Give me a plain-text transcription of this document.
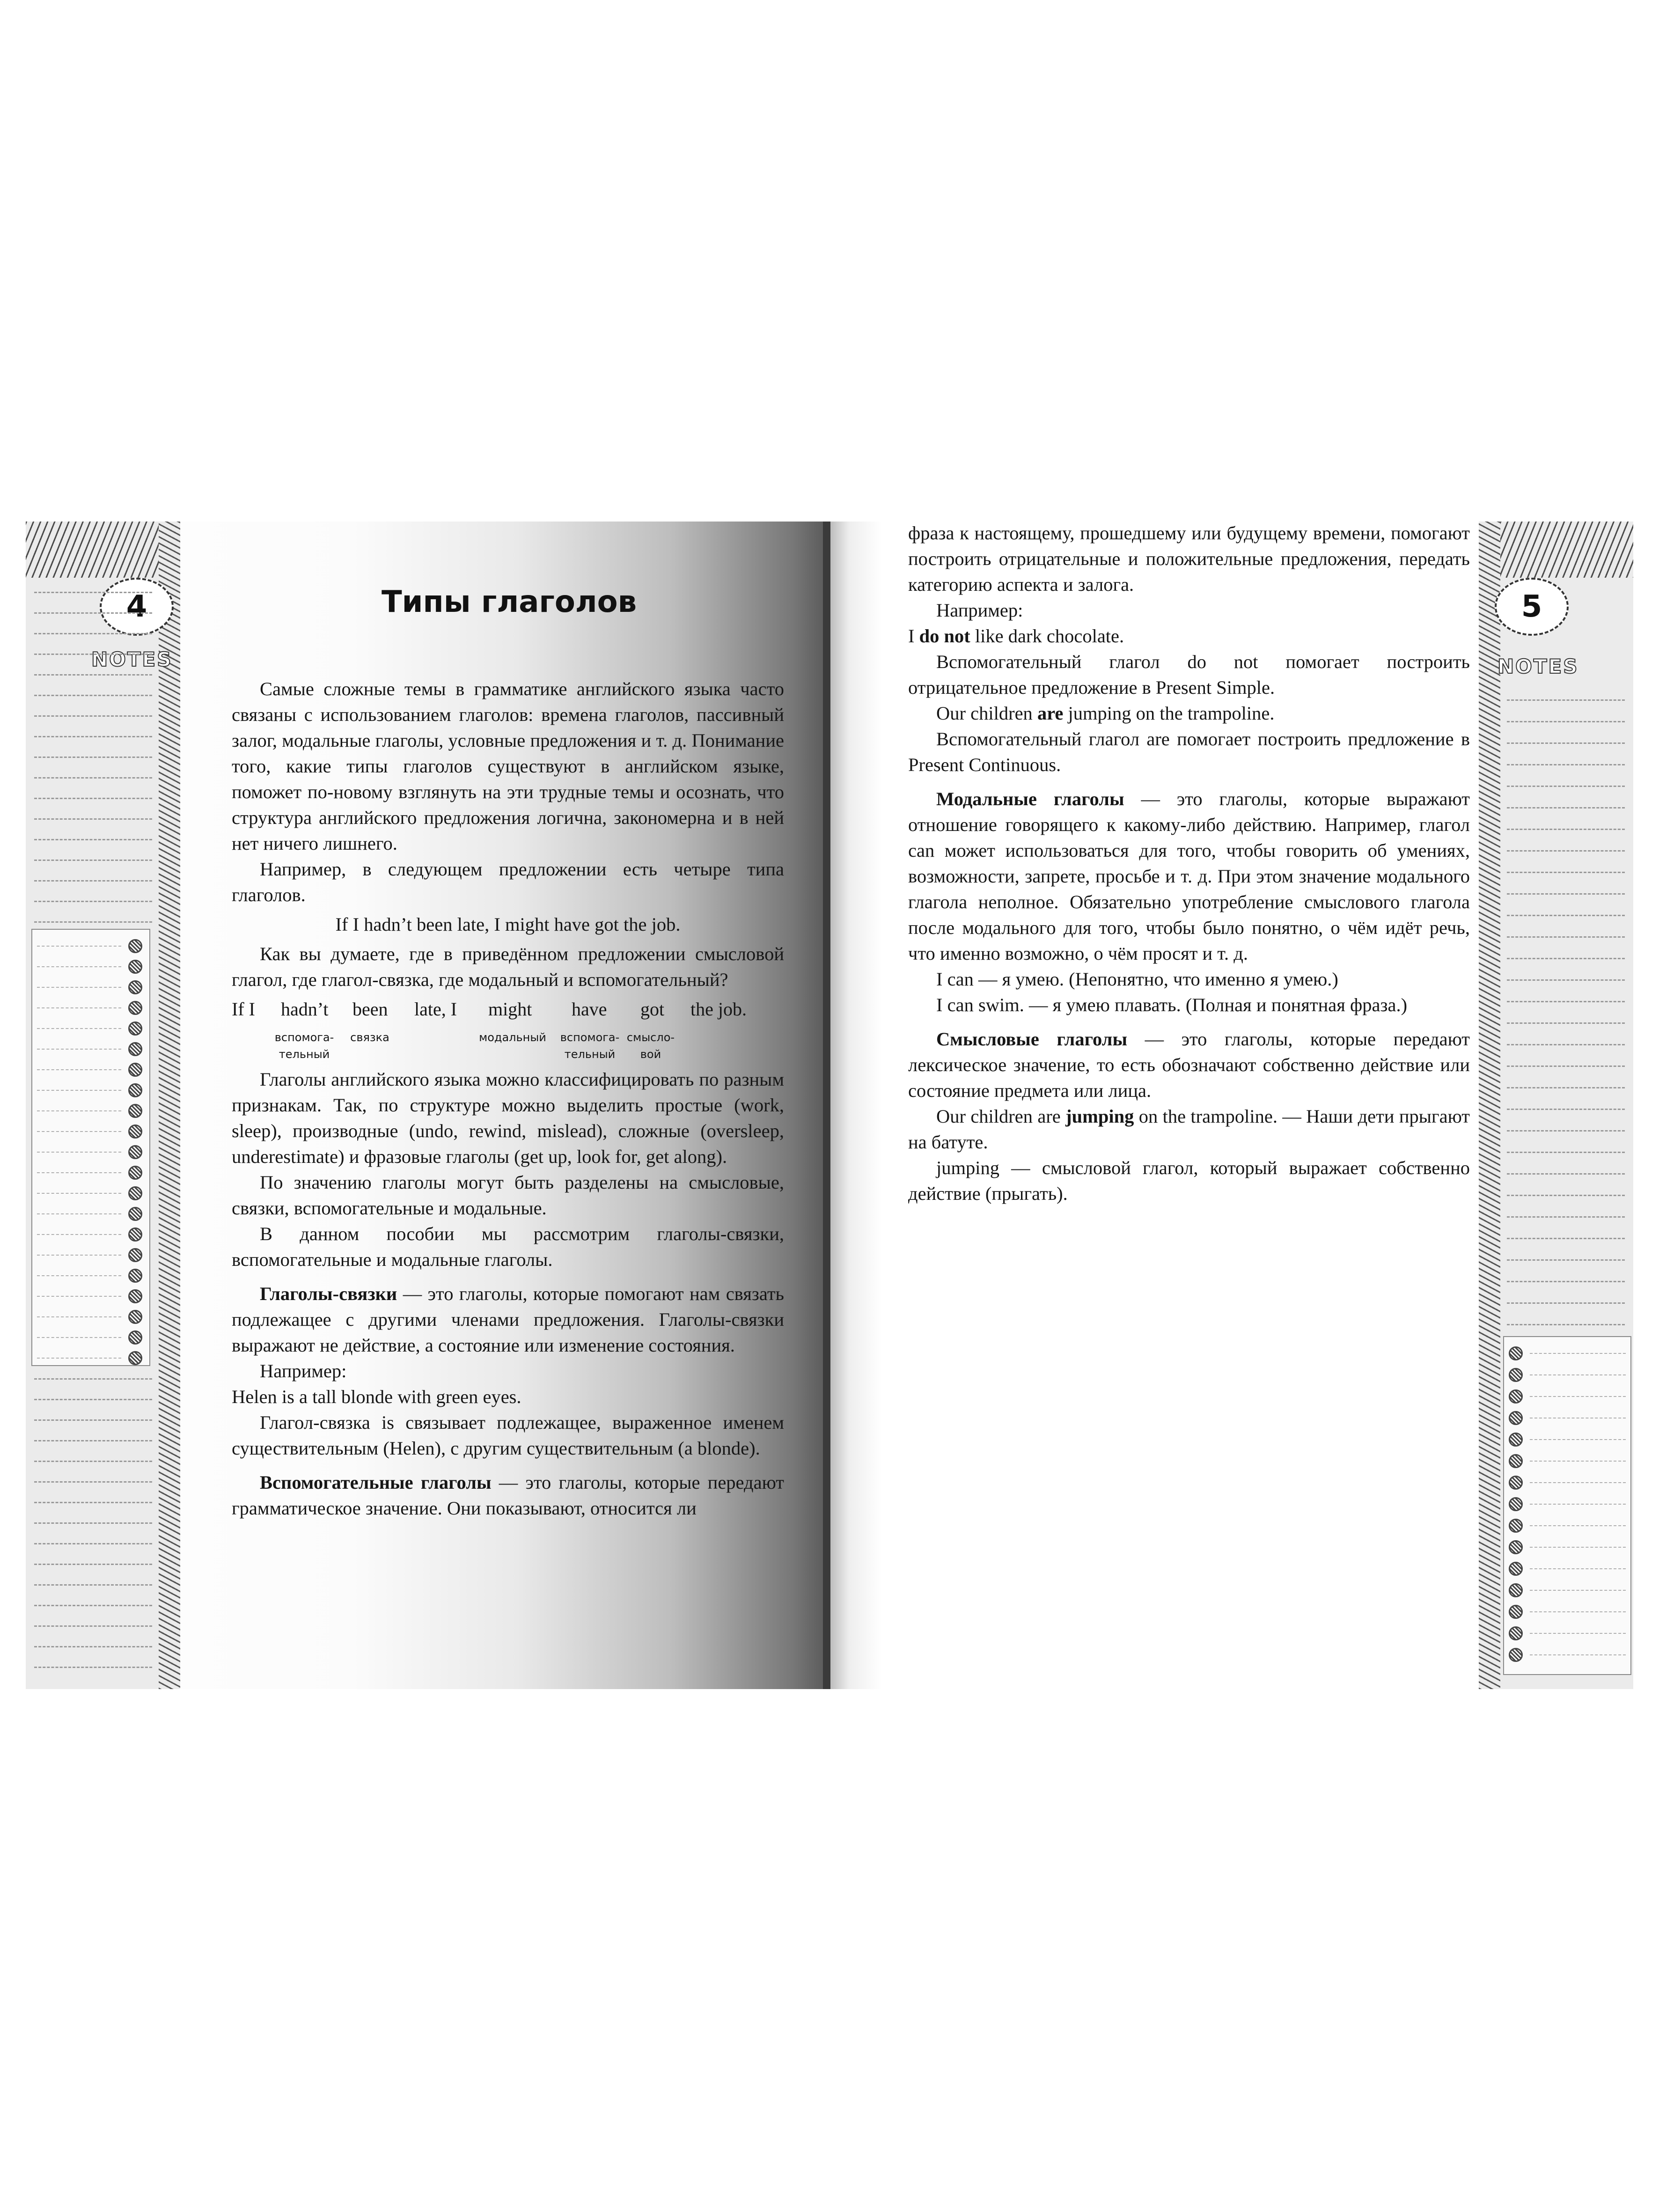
4
NOTES
Типы глаголов

Самые сложные темы в грамматике английского языка часто связаны с использованием глаголов: времена глаголов, пассивный залог, модальные глаголы, условные предложения и т. д. Понимание того, какие типы глаголов существуют в английском языке, поможет по-новому взглянуть на эти трудные темы и осознать, что структура английского предложения логична, закономерна и в ней нет ничего лишнего.

Например, в следующем предложении есть четыре типа глаголов.

If I hadn’t been late, I might have got the job.

Как вы думаете, где в приведённом предложении смысловой глагол, где глагол-связка, где модальный и вспомогательный?

If I hadn’t been late, I might have got the job.
вспомога-
тельный
связка	модальный	вспомога-
тельный
смысло-
вой

Глаголы английского языка можно классифицировать по разным признакам. Так, по структуре можно выделить простые (work, sleep), производные (undo, rewind, mislead), сложные (oversleep, underestimate) и фразовые глаголы (get up, look for, get along).

По значению глаголы могут быть разделены на смысловые, связки, вспомогательные и модальные.

В данном пособии мы рассмотрим глаголы-связки, вспомогательные и модальные глаголы.

Глаголы-связки — это глаголы, которые помогают нам связать подлежащее с другими членами предложения. Глаголы-связки выражают не действие, а состояние или изменение состояния.

Например:

Helen is a tall blonde with green eyes.

Глагол-связка is связывает подлежащее, выраженное именем существительным (Helen), с другим существительным (a blonde).

Вспомогательные глаголы — это глаголы, которые передают грамматическое значение. Они показывают, относится ли

5
NOTES

фраза к настоящему, прошедшему или будущему времени, помогают построить отрицательные и положительные предложения, передать категорию аспекта и залога.

Например:

I do not like dark chocolate.

Вспомогательный глагол do not помогает построить отрицательное предложение в Present Simple.

Our children are jumping on the trampoline.

Вспомогательный глагол are помогает построить предложение в Present Continuous.

Модальные глаголы — это глаголы, которые выражают отношение говорящего к какому-либо действию. Например, глагол can может использоваться для того, чтобы говорить об умениях, возможности, запрете, просьбе и т. д. При этом значение модального глагола неполное. Обязательно употребление смыслового глагола после модального для того, чтобы было понятно, о чём идёт речь, что именно возможно, о чём просят и т. д.

I can — я умею. (Непонятно, что именно я умею.)

I can swim. — я умею плавать. (Полная и понятная фраза.)

Смысловые глаголы — это глаголы, которые передают лексическое значение, то есть обозначают собственно действие или состояние предмета или лица.

Our children are jumping on the trampoline. — Наши дети прыгают на батуте.

jumping — смысловой глагол, который выражает собственно действие (прыгать).
